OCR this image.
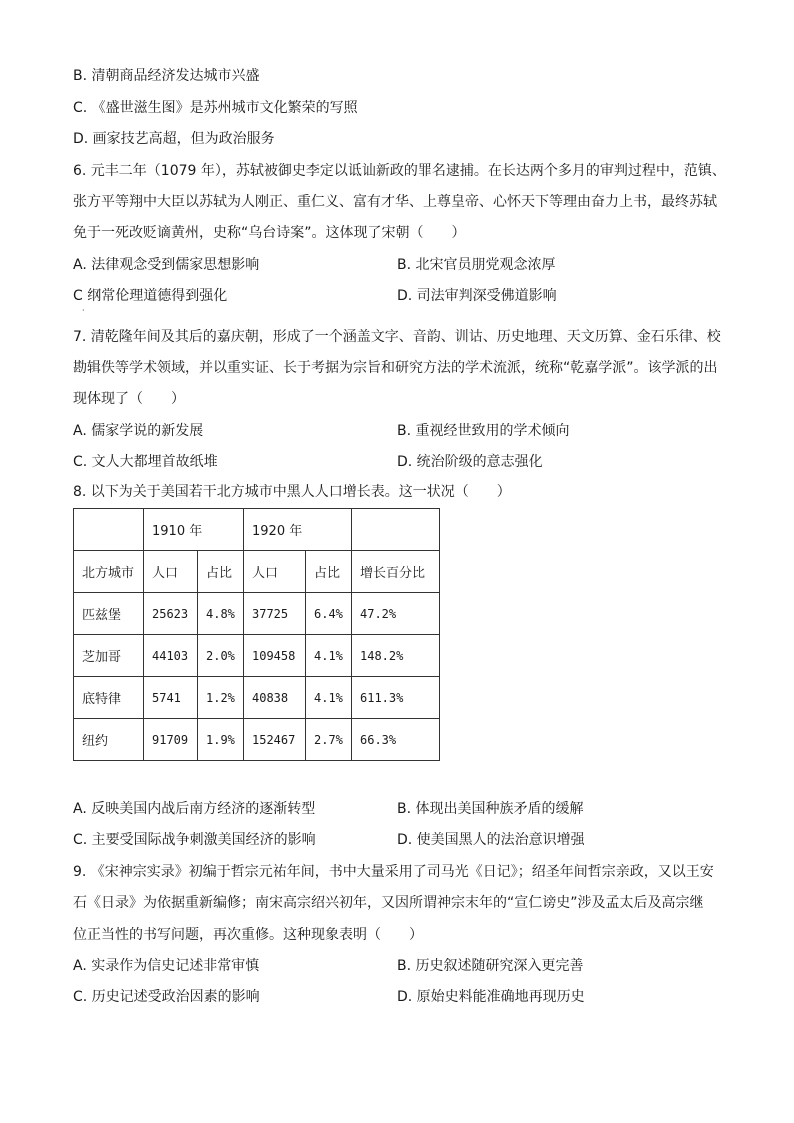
B. 清朝商品经济发达城市兴盛
C. 《盛世滋生图》是苏州城市文化繁荣的写照
D. 画家技艺高超，但为政治服务
6. 元丰二年（1079 年），苏轼被御史李定以诋讪新政的罪名逮捕。在长达两个多月的审判过程中，范镇、
张方平等翔中大臣以苏轼为人刚正、重仁义、富有才华、上尊皇帝、心怀天下等理由奋力上书，最终苏轼
免于一死改贬谪黄州，史称“乌台诗案”。这体现了宋朝（　　）
A. 法律观念受到儒家思想影响	B. 北宋官员朋党观念浓厚
C 纲常伦理道德得到强化	D. 司法审判深受佛道影响
·
7. 清乾隆年间及其后的嘉庆朝，形成了一个涵盖文字、音韵、训诂、历史地理、天文历算、金石乐律、校
勘辑佚等学术领域，并以重实证、长于考据为宗旨和研究方法的学术流派，统称“乾嘉学派”。该学派的出
现体现了（　　）
A. 儒家学说的新发展	B. 重视经世致用的学术倾向
C. 文人大都埋首故纸堆	D. 统治阶级的意志强化
8. 以下为关于美国若干北方城市中黑人人口增长表。这一状况（　　）
	1910 年		1920 年		
北方城市	人口	占比	人口	占比	增长百分比
匹兹堡	25623	4.8%	37725	6.4%	47.2%
芝加哥	44103	2.0%	109458	4.1%	148.2%
底特律	5741	1.2%	40838	4.1%	611.3%
纽约	91709	1.9%	152467	2.7%	66.3%
A. 反映美国内战后南方经济的逐渐转型	B. 体现出美国种族矛盾的缓解
C. 主要受国际战争刺激美国经济的影响	D. 使美国黑人的法治意识增强
9. 《宋神宗实录》初编于哲宗元祐年间，书中大量采用了司马光《日记》；绍圣年间哲宗亲政，又以王安
石《日录》为依据重新编修；南宋高宗绍兴初年，又因所谓神宗末年的“宣仁谤史”涉及孟太后及高宗继
位正当性的书写问题，再次重修。这种现象表明（　　）
A. 实录作为信史记述非常审慎	B. 历史叙述随研究深入更完善
C. 历史记述受政治因素的影响	D. 原始史料能准确地再现历史
